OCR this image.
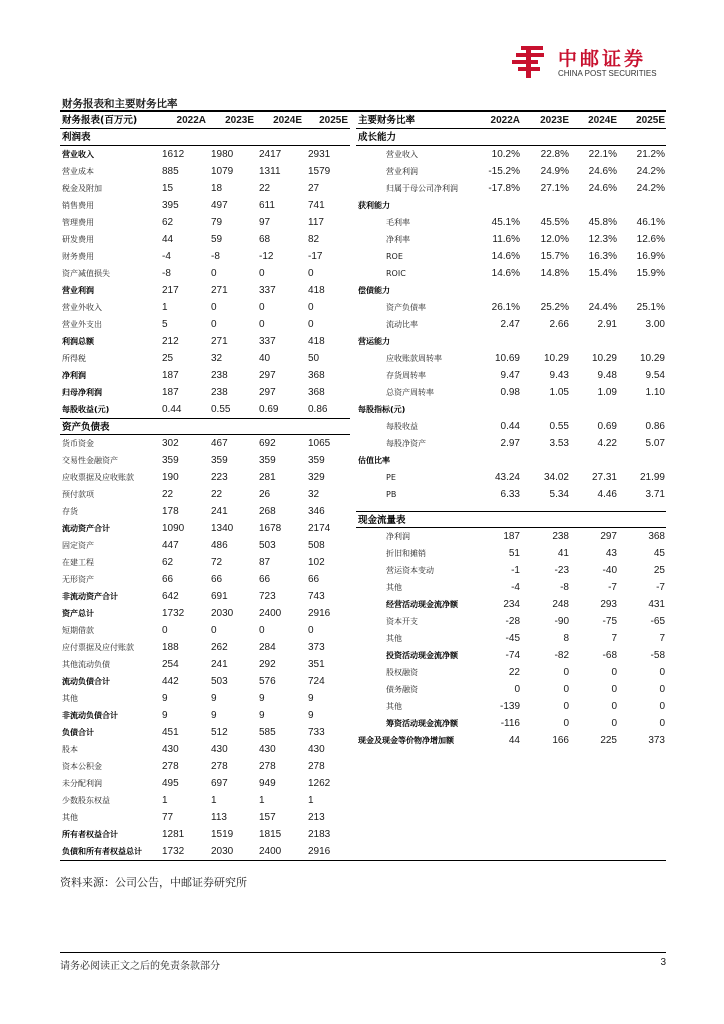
中邮证券
CHINA POST SECURITIES
财务报表和主要财务比率
财务报表(百万元)	2022A	2023E	2024E	2025E
利润表
营业收入	1612	1980	2417	2931
营业成本	885	1079	1311	1579
税金及附加	15	18	22	27
销售费用	395	497	611	741
管理费用	62	79	97	117
研发费用	44	59	68	82
财务费用	-4	-8	-12	-17
资产减值损失	-8	0	0	0
营业利润	217	271	337	418
营业外收入	1	0	0	0
营业外支出	5	0	0	0
利润总额	212	271	337	418
所得税	25	32	40	50
净利润	187	238	297	368
归母净利润	187	238	297	368
每股收益(元)	0.44	0.55	0.69	0.86
资产负债表
货币资金	302	467	692	1065
交易性金融资产	359	359	359	359
应收票据及应收账款	190	223	281	329
预付款项	22	22	26	32
存货	178	241	268	346
流动资产合计	1090	1340	1678	2174
固定资产	447	486	503	508
在建工程	62	72	87	102
无形资产	66	66	66	66
非流动资产合计	642	691	723	743
资产总计	1732	2030	2400	2916
短期借款	0	0	0	0
应付票据及应付账款	188	262	284	373
其他流动负债	254	241	292	351
流动负债合计	442	503	576	724
其他	9	9	9	9
非流动负债合计	9	9	9	9
负债合计	451	512	585	733
股本	430	430	430	430
资本公积金	278	278	278	278
未分配利润	495	697	949	1262
少数股东权益	1	1	1	1
其他	77	113	157	213
所有者权益合计	1281	1519	1815	2183
负债和所有者权益总计 1732	2030	2400	2916
主要财务比率	2022A	2023E	2024E	2025E
成长能力
营业收入	10.2%	22.8%	22.1%	21.2%
营业利润	-15.2%	24.9%	24.6%	24.2%
归属于母公司净利润	-17.8%	27.1%	24.6%	24.2%
获利能力
毛利率	45.1%	45.5%	45.8%	46.1%
净利率	11.6%	12.0%	12.3%	12.6%
ROE	14.6%	15.7%	16.3%	16.9%
ROIC	14.6%	14.8%	15.4%	15.9%
偿债能力
资产负债率	26.1%	25.2%	24.4%	25.1%
流动比率	2.47	2.66	2.91	3.00
营运能力
应收账款周转率	10.69	10.29	10.29	10.29
存货周转率	9.47	9.43	9.48	9.54
总资产周转率	0.98	1.05	1.09	1.10
每股指标(元)
每股收益	0.44	0.55	0.69	0.86
每股净资产	2.97	3.53	4.22	5.07
估值比率
PE	43.24	34.02	27.31	21.99
PB	6.33	5.34	4.46	3.71
现金流量表
净利润	187	238	297	368
折旧和摊销	51	41	43	45
营运资本变动	-1	-23	-40	25
其他	-4	-8	-7	-7
经营活动现金流净额	234	248	293	431
资本开支	-28	-90	-75	-65
其他	-45	8	7	7
投资活动现金流净额	-74	-82	-68	-58
股权融资	22	0	0	0
债务融资	0	0	0	0
其他	-139	0	0	0
筹资活动现金流净额	-116	0	0	0
现金及现金等价物净增加额	44	166	225	373
资料来源：公司公告，中邮证券研究所
请务必阅读正文之后的免责条款部分	3
